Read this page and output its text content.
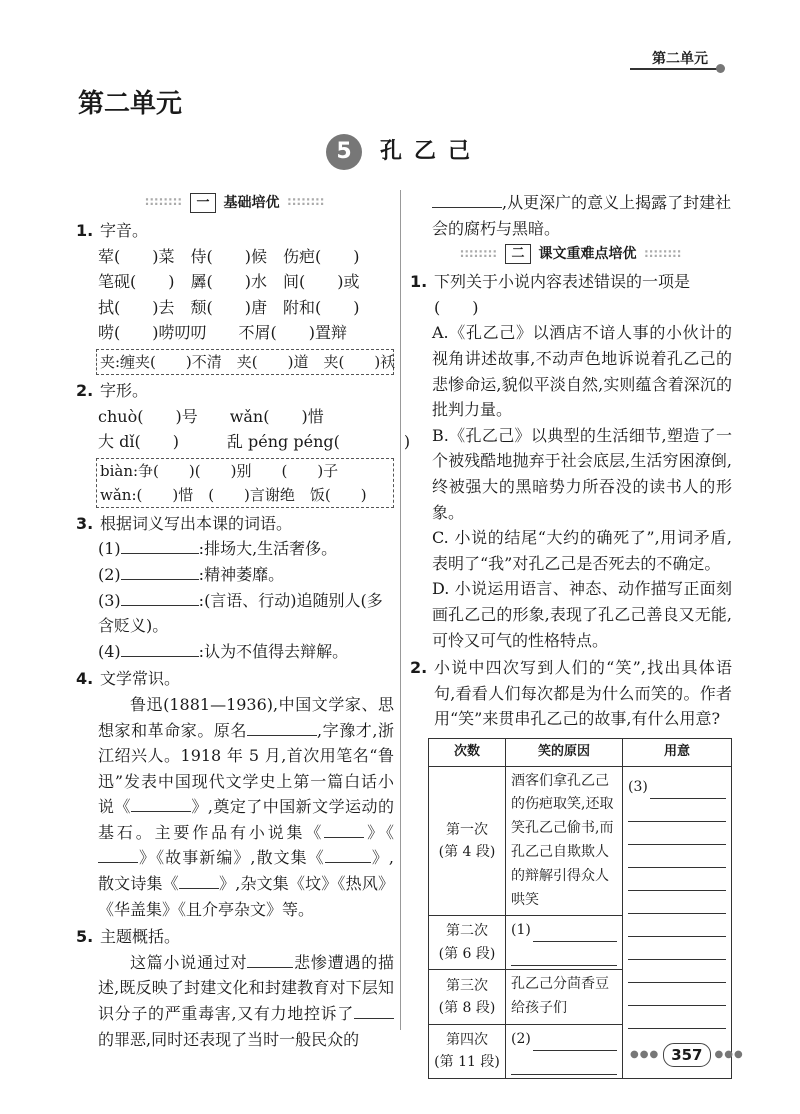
第二单元
第二单元
5	孔乙己
∷∷∷∷	一	基础培优 ∷∷∷∷
1. 字音。
荤(　　)菜　侍(　　)候　伤疤(　　)
笔砚(　　)　羼(　　)水　间(　　)或
拭(　　)去　颓(　　)唐　附和(　　)
唠(　　)唠叨叨　　不屑(　　)置辩
夹:缠夹(　　)不清　夹(　　)道　夹(　　)袄
2. 字形。
chuò(　　)号　　wǎn(　　)惜
大 dǐ(　　)　　　乱 péng péng(　　　　)
biàn:争(　　)(　　)别　　(　　)子
wǎn:(　　)惜　(　　)言谢绝　饭(　　)
3. 根据词义写出本课的词语。
(1)	:排场大,生活奢侈。
(2)	:精神萎靡。
(3)	:(言语、行动)追随别人(多含贬义)。
(4)	:认为不值得去辩解。
4. 文学常识。
鲁迅(1881—1936),中国文学家、思想家和革命家。原名	,字豫才,浙江绍兴人。1918 年 5 月,首次用笔名“鲁迅”发表中国现代文学史上第一篇白话小说《	》,奠定了中国新文学运动的基石。主要作品有小说集《	》《》《故事新编》,散文集《	》,散文诗集《	》,杂文集《坟》《热风》《华盖集》《且介亭杂文》等。
5. 主题概括。
这篇小说通过对	悲惨遭遇的描述,既反映了封建文化和封建教育对下层知识分子的严重毒害,又有力地控诉了的罪恶,同时还表现了当时一般民众的
,从更深广的意义上揭露了封建社会的腐朽与黑暗。
∷∷∷∷	二	课文重难点培优 ∷∷∷∷
1. 下列关于小说内容表述错误的一项是(　　)
A.《孔乙己》以酒店不谙人事的小伙计的视角讲述故事,不动声色地诉说着孔乙己的悲惨命运,貌似平淡自然,实则蕴含着深沉的批判力量。
B.《孔乙己》以典型的生活细节,塑造了一个被残酷地抛弃于社会底层,生活穷困潦倒,终被强大的黑暗势力所吞没的读书人的形象。
C. 小说的结尾“大约的确死了”,用词矛盾,表明了“我”对孔乙己是否死去的不确定。
D. 小说运用语言、神态、动作描写正面刻画孔乙己的形象,表现了孔乙己善良又无能,可怜又可气的性格特点。
2. 小说中四次写到人们的“笑”,找出具体语句,看看人们每次都是为什么而笑的。作者用“笑”来贯串孔乙己的故事,有什么用意?
次数	笑的原因	用意

第一次
(第 4 段)	酒客们拿孔乙己的伤疤取笑,还取笑孔乙己偷书,而孔乙己自欺欺人的辩解引得众人哄笑	(3)

第二次
(第 6 段)	(1)	

第三次
(第 8 段)	孔乙己分茴香豆给孩子们	

第四次
(第 11 段)	(2)	
●●● 357	●●●
